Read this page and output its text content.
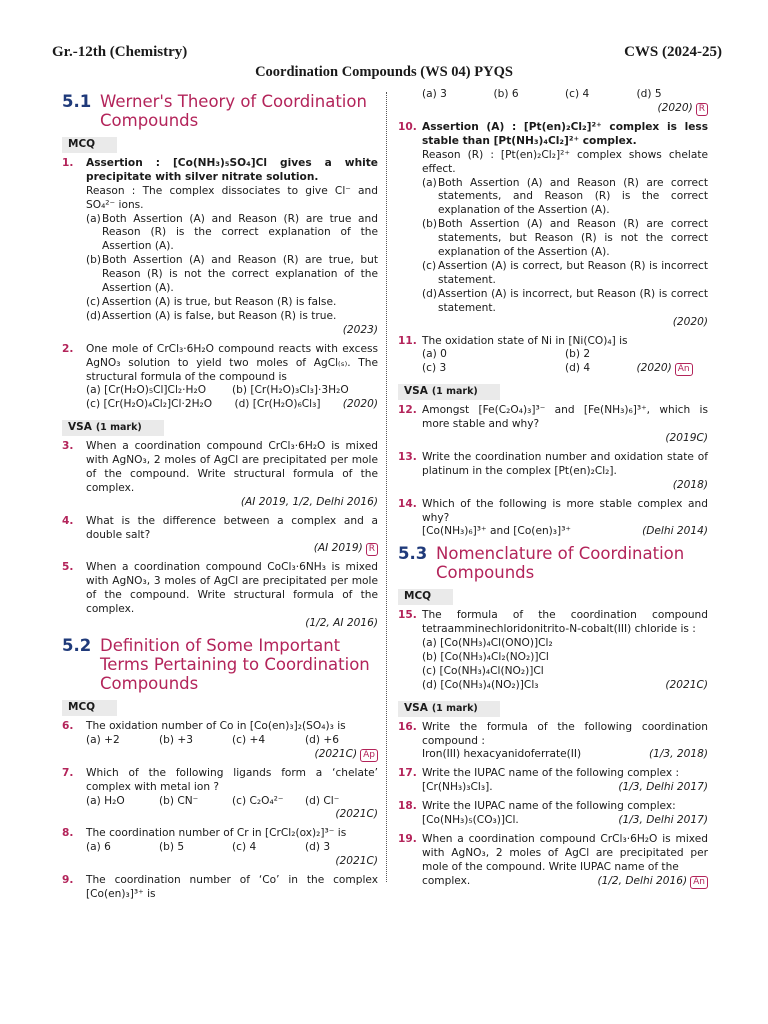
Gr.-12th (Chemistry)	CWS (2024-25)
Coordination Compounds (WS 04) PYQS
5.1 Werner's Theory of Coordination Compounds
MCQ
1.	Assertion : [Co(NH₃)₅SO₄]Cl gives a white precipitate with silver nitrate solution.
Reason : The complex dissociates to give Cl⁻ and SO₄²⁻ ions.
(a) Both Assertion (A) and Reason (R) are true and Reason (R) is the correct explanation of the Assertion (A).
(b) Both Assertion (A) and Reason (R) are true, but Reason (R) is not the correct explanation of the Assertion (A).
(c) Assertion (A) is true, but Reason (R) is false.
(d) Assertion (A) is false, but Reason (R) is true.
(2023)
2.	One mole of CrCl₃·6H₂O compound reacts with excess AgNO₃ solution to yield two moles of AgCl₍ₛ₎. The structural formula of the compound is
(a) [Cr(H₂O)₅Cl]Cl₂·H₂O	(b) [Cr(H₂O)₃Cl₃]·3H₂O
(c) [Cr(H₂O)₄Cl₂]Cl·2H₂O (d) [Cr(H₂O)₆Cl₃] (2020)
VSA (1 mark)
3.	When a coordination compound CrCl₃·6H₂O is mixed with AgNO₃, 2 moles of AgCl are precipitated per mole of the compound. Write structural formula of the complex.
(AI 2019, 1/2, Delhi 2016)
4.	What is the difference between a complex and a double salt?
(AI 2019) R
5.	When a coordination compound CoCl₃·6NH₃ is mixed with AgNO₃, 3 moles of AgCl are precipitated per mole of the compound. Write structural formula of the complex.
(1/2, AI 2016)
5.2 Definition of Some Important Terms Pertaining to Coordination Compounds
MCQ
6.	The oxidation number of Co in [Co(en)₃]₂(SO₄)₃ is
(a) +2	(b) +3	(c) +4	(d) +6
(2021C) Ap
7.	Which of the following ligands form a ‘chelate’ complex with metal ion ?
(a) H₂O	(b) CN⁻	(c) C₂O₄²⁻	(d) Cl⁻
(2021C)
8.	The coordination number of Cr in [CrCl₂(ox)₂]³⁻ is
(a) 6	(b) 5	(c) 4	(d) 3
(2021C)
9.	The coordination number of ‘Co’ in the complex [Co(en)₃]³⁺ is
(a) 3	(b) 6	(c) 4	(d) 5
(2020) R
10. Assertion (A) : [Pt(en)₂Cl₂]²⁺ complex is less stable than [Pt(NH₃)₄Cl₂]²⁺ complex.
Reason (R) : [Pt(en)₂Cl₂]²⁺ complex shows chelate effect.
(a) Both Assertion (A) and Reason (R) are correct statements, and Reason (R) is the correct explanation of the Assertion (A).
(b) Both Assertion (A) and Reason (R) are correct statements, but Reason (R) is not the correct explanation of the Assertion (A).
(c) Assertion (A) is correct, but Reason (R) is incorrect statement.
(d) Assertion (A) is incorrect, but Reason (R) is correct statement.
(2020)
11. The oxidation state of Ni in [Ni(CO)₄] is
(a) 0	(b) 2
(c) 3	(d) 4	(2020) An
VSA (1 mark)
12. Amongst [Fe(C₂O₄)₃]³⁻ and [Fe(NH₃)₆]³⁺, which is more stable and why?
(2019C)
13. Write the coordination number and oxidation state of platinum in the complex [Pt(en)₂Cl₂].
(2018)
14. Which of the following is more stable complex and why?
[Co(NH₃)₆]³⁺ and [Co(en)₃]³⁺	(Delhi 2014)
5.3 Nomenclature of Coordination Compounds
MCQ
15. The formula of the coordination compound tetraamminechloridonitrito-N-cobalt(III) chloride is :
(a) [Co(NH₃)₄Cl(ONO)]Cl₂
(b) [Co(NH₃)₄Cl₂(NO₂)]Cl
(c) [Co(NH₃)₄Cl(NO₂)]Cl
(d) [Co(NH₃)₄(NO₂)]Cl₃	(2021C)
VSA (1 mark)
16. Write the formula of the following coordination compound :
Iron(III) hexacyanidoferrate(II)	(1/3, 2018)
17. Write the IUPAC name of the following complex :
[Cr(NH₃)₃Cl₃].	(1/3, Delhi 2017)
18. Write the IUPAC name of the following complex:
[Co(NH₃)₅(CO₃)]Cl.	(1/3, Delhi 2017)
19. When a coordination compound CrCl₃·6H₂O is mixed with AgNO₃, 2 moles of AgCl are precipitated per mole of the compound. Write IUPAC name of the
complex.	(1/2, Delhi 2016) An
